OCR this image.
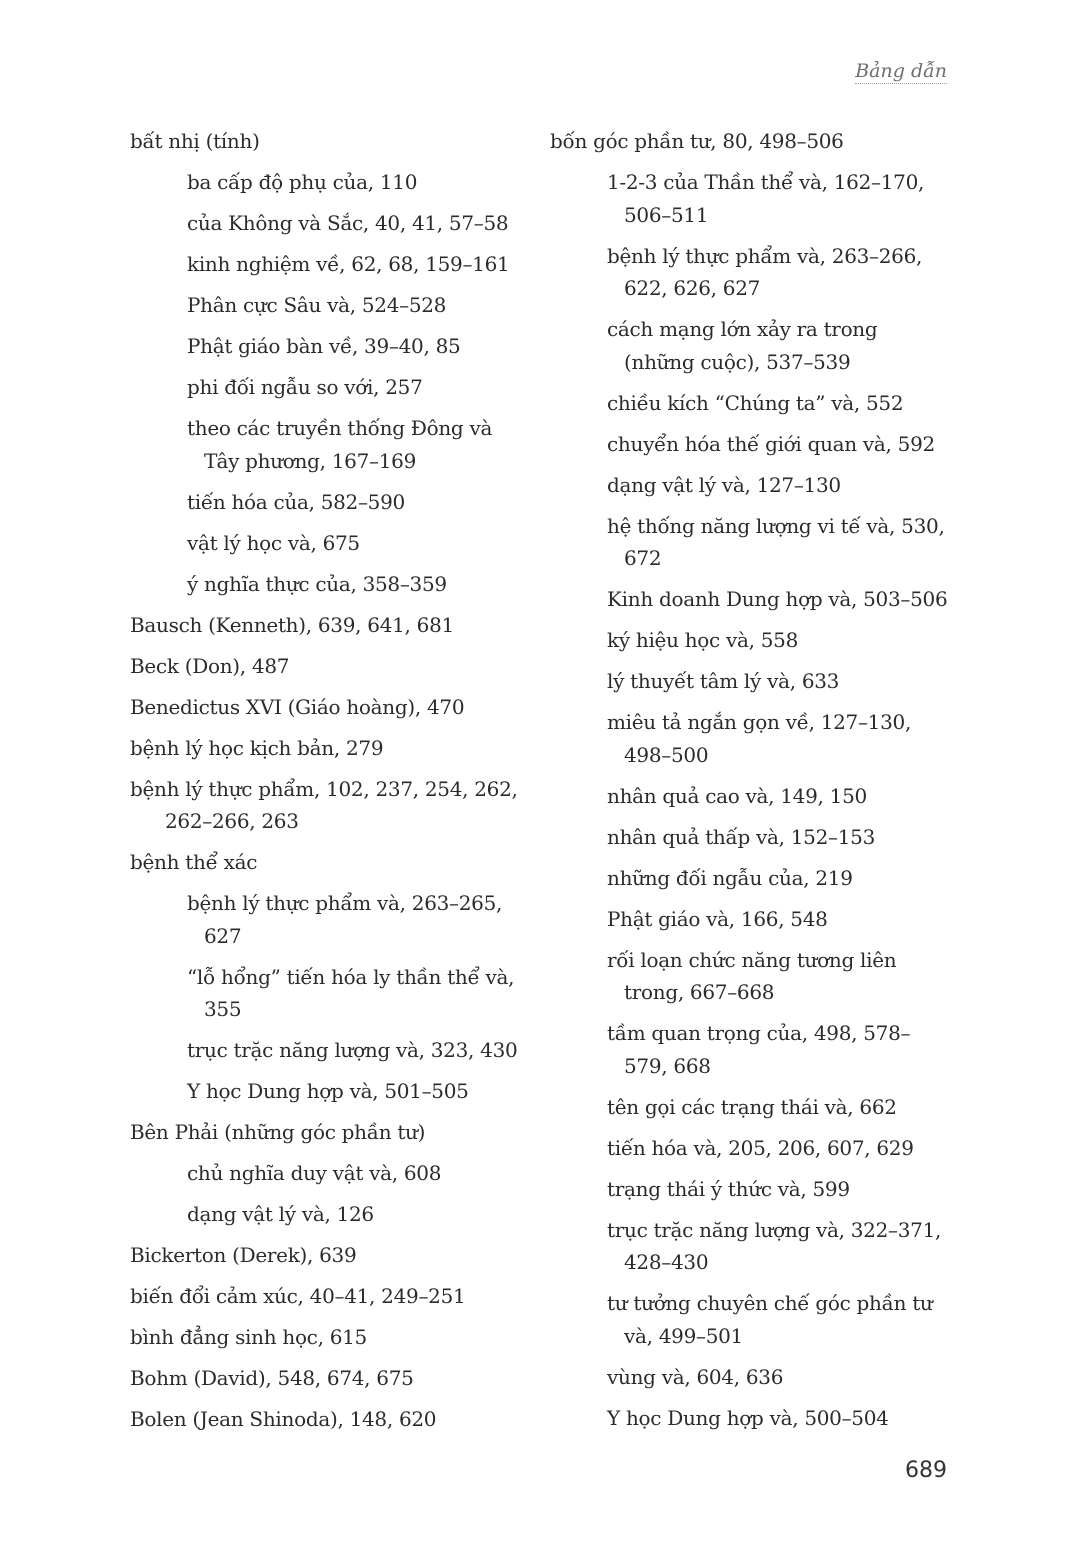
Bảng dẫn
bất nhị (tính)
ba cấp độ phụ của, 110
của Không và Sắc, 40, 41, 57–58
kinh nghiệm về, 62, 68, 159–161
Phân cực Sâu và, 524–528
Phật giáo bàn về, 39–40, 85
phi đối ngẫu so với, 257
theo các truyền thống Đông và Tây phương, 167–169
tiến hóa của, 582–590
vật lý học và, 675
ý nghĩa thực của, 358–359
Bausch (Kenneth), 639, 641, 681
Beck (Don), 487
Benedictus XVI (Giáo hoàng), 470
bệnh lý học kịch bản, 279
bệnh lý thực phẩm, 102, 237, 254, 262, 262–266, 263
bệnh thể xác
bệnh lý thực phẩm và, 263–265, 627
“lỗ hổng” tiến hóa ly thần thể và, 355
trục trặc năng lượng và, 323, 430
Y học Dung hợp và, 501–505
Bên Phải (những góc phần tư)
chủ nghĩa duy vật và, 608
dạng vật lý và, 126
Bickerton (Derek), 639
biến đổi cảm xúc, 40–41, 249–251
bình đẳng sinh học, 615
Bohm (David), 548, 674, 675
Bolen (Jean Shinoda), 148, 620
bốn góc phần tư, 80, 498–506
1-2-3 của Thần thể và, 162–170, 506–511
bệnh lý thực phẩm và, 263–266, 622, 626, 627
cách mạng lớn xảy ra trong (những cuộc), 537–539
chiều kích “Chúng ta” và, 552
chuyển hóa thế giới quan và, 592
dạng vật lý và, 127–130
hệ thống năng lượng vi tế và, 530, 672
Kinh doanh Dung hợp và, 503–506
ký hiệu học và, 558
lý thuyết tâm lý và, 633
miêu tả ngắn gọn về, 127–130, 498–500
nhân quả cao và, 149, 150
nhân quả thấp và, 152–153
những đối ngẫu của, 219
Phật giáo và, 166, 548
rối loạn chức năng tương liên trong, 667–668
tầm quan trọng của, 498, 578–579, 668
tên gọi các trạng thái và, 662
tiến hóa và, 205, 206, 607, 629
trạng thái ý thức và, 599
trục trặc năng lượng và, 322–371, 428–430
tư tưởng chuyên chế góc phần tư và, 499–501
vùng và, 604, 636
Y học Dung hợp và, 500–504
689
